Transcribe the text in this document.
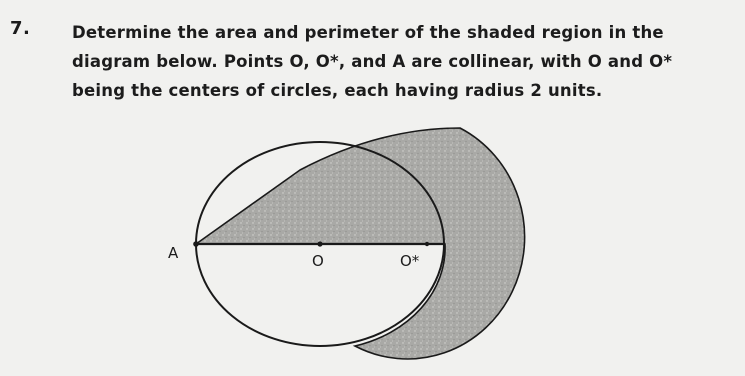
7.	Determine the area and perimeter of the shaded region in the
diagram below. Points O, O*, and A are collinear, with O and O*
being the centers of circles, each having radius 2 units.
A	O	O*
